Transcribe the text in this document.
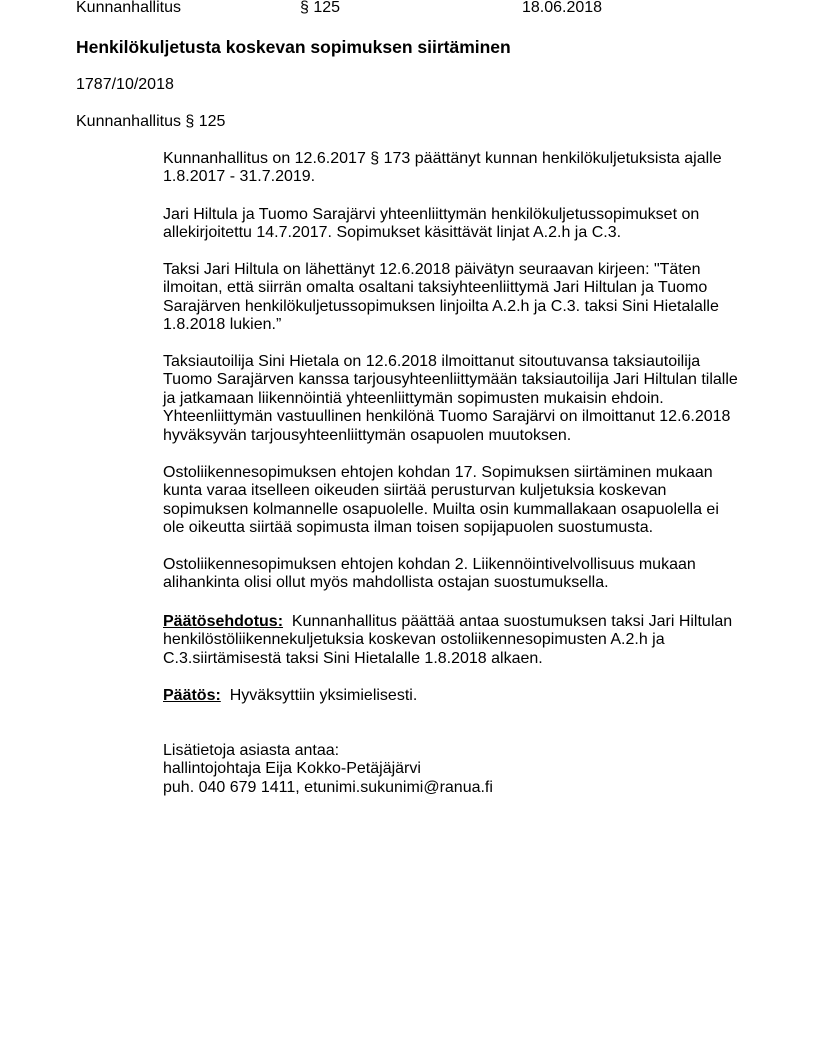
Kunnanhallitus	§ 125	18.06.2018
Henkilökuljetusta koskevan sopimuksen siirtäminen
1787/10/2018
Kunnanhallitus § 125
Kunnanhallitus on 12.6.2017 § 173 päättänyt kunnan henkilökuljetuksista ajalle
1.8.2017 - 31.7.2019.
Jari Hiltula ja Tuomo Sarajärvi yhteenliittymän henkilökuljetussopimukset on
allekirjoitettu 14.7.2017. Sopimukset käsittävät linjat A.2.h ja C.3.
Taksi Jari Hiltula on lähettänyt 12.6.2018 päivätyn seuraavan kirjeen: "Täten
ilmoitan, että siirrän omalta osaltani taksiyhteenliittymä Jari Hiltulan ja Tuomo
Sarajärven henkilökuljetussopimuksen linjoilta A.2.h ja C.3. taksi Sini Hietalalle
1.8.2018 lukien.”
Taksiautoilija Sini Hietala on 12.6.2018 ilmoittanut sitoutuvansa taksiautoilija
Tuomo Sarajärven kanssa tarjousyhteenliittymään taksiautoilija Jari Hiltulan tilalle
ja jatkamaan liikennöintiä yhteenliittymän sopimusten mukaisin ehdoin.
Yhteenliittymän vastuullinen henkilönä Tuomo Sarajärvi on ilmoittanut 12.6.2018
hyväksyvän tarjousyhteenliittymän osapuolen muutoksen.
Ostoliikennesopimuksen ehtojen kohdan 17. Sopimuksen siirtäminen mukaan
kunta varaa itselleen oikeuden siirtää perusturvan kuljetuksia koskevan
sopimuksen kolmannelle osapuolelle. Muilta osin kummallakaan osapuolella ei
ole oikeutta siirtää sopimusta ilman toisen sopijapuolen suostumusta.
Ostoliikennesopimuksen ehtojen kohdan 2. Liikennöintivelvollisuus mukaan
alihankinta olisi ollut myös mahdollista ostajan suostumuksella.
Päätösehdotus: Kunnanhallitus päättää antaa suostumuksen taksi Jari Hiltulan
henkilöstöliikennekuljetuksia koskevan ostoliikennesopimusten A.2.h ja
C.3.siirtämisestä taksi Sini Hietalalle 1.8.2018 alkaen.
Päätös: Hyväksyttiin yksimielisesti.
Lisätietoja asiasta antaa:
hallintojohtaja Eija Kokko-Petäjäjärvi
puh. 040 679 1411, etunimi.sukunimi@ranua.fi
